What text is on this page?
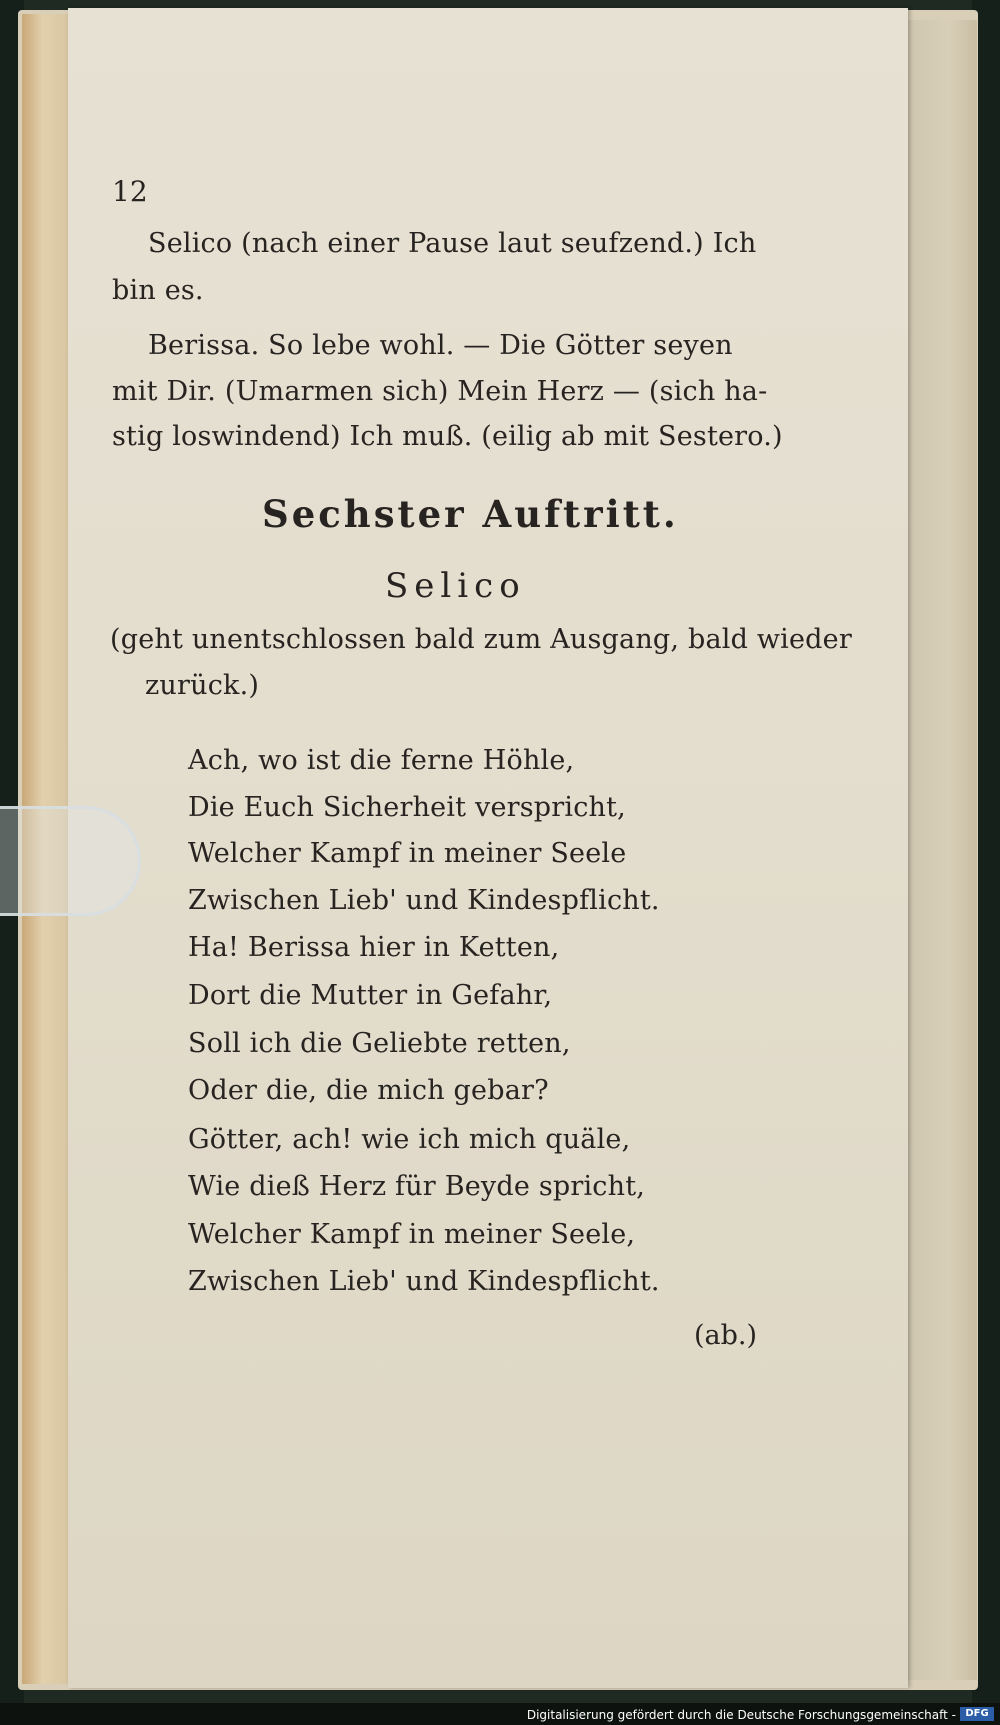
12
Selico (nach einer Pause laut seufzend.) Ich
bin es.
Berissa. So lebe wohl. — Die Götter seyen
mit Dir. (Umarmen sich) Mein Herz — (sich ha-
stig loswindend) Ich muß. (eilig ab mit Sestero.)
Sechster Auftritt.
Selico
(geht unentschlossen bald zum Ausgang, bald wieder
zurück.)
Ach, wo ist die ferne Höhle,
Die Euch Sicherheit verspricht,
Welcher Kampf in meiner Seele
Zwischen Lieb' und Kindespflicht.
Ha! Berissa hier in Ketten,
Dort die Mutter in Gefahr,
Soll ich die Geliebte retten,
Oder die, die mich gebar?
Götter, ach! wie ich mich quäle,
Wie dieß Herz für Beyde spricht,
Welcher Kampf in meiner Seele,
Zwischen Lieb' und Kindespflicht.
(ab.)
Digitalisierung gefördert durch die Deutsche Forschungsgemeinschaft - DFG
